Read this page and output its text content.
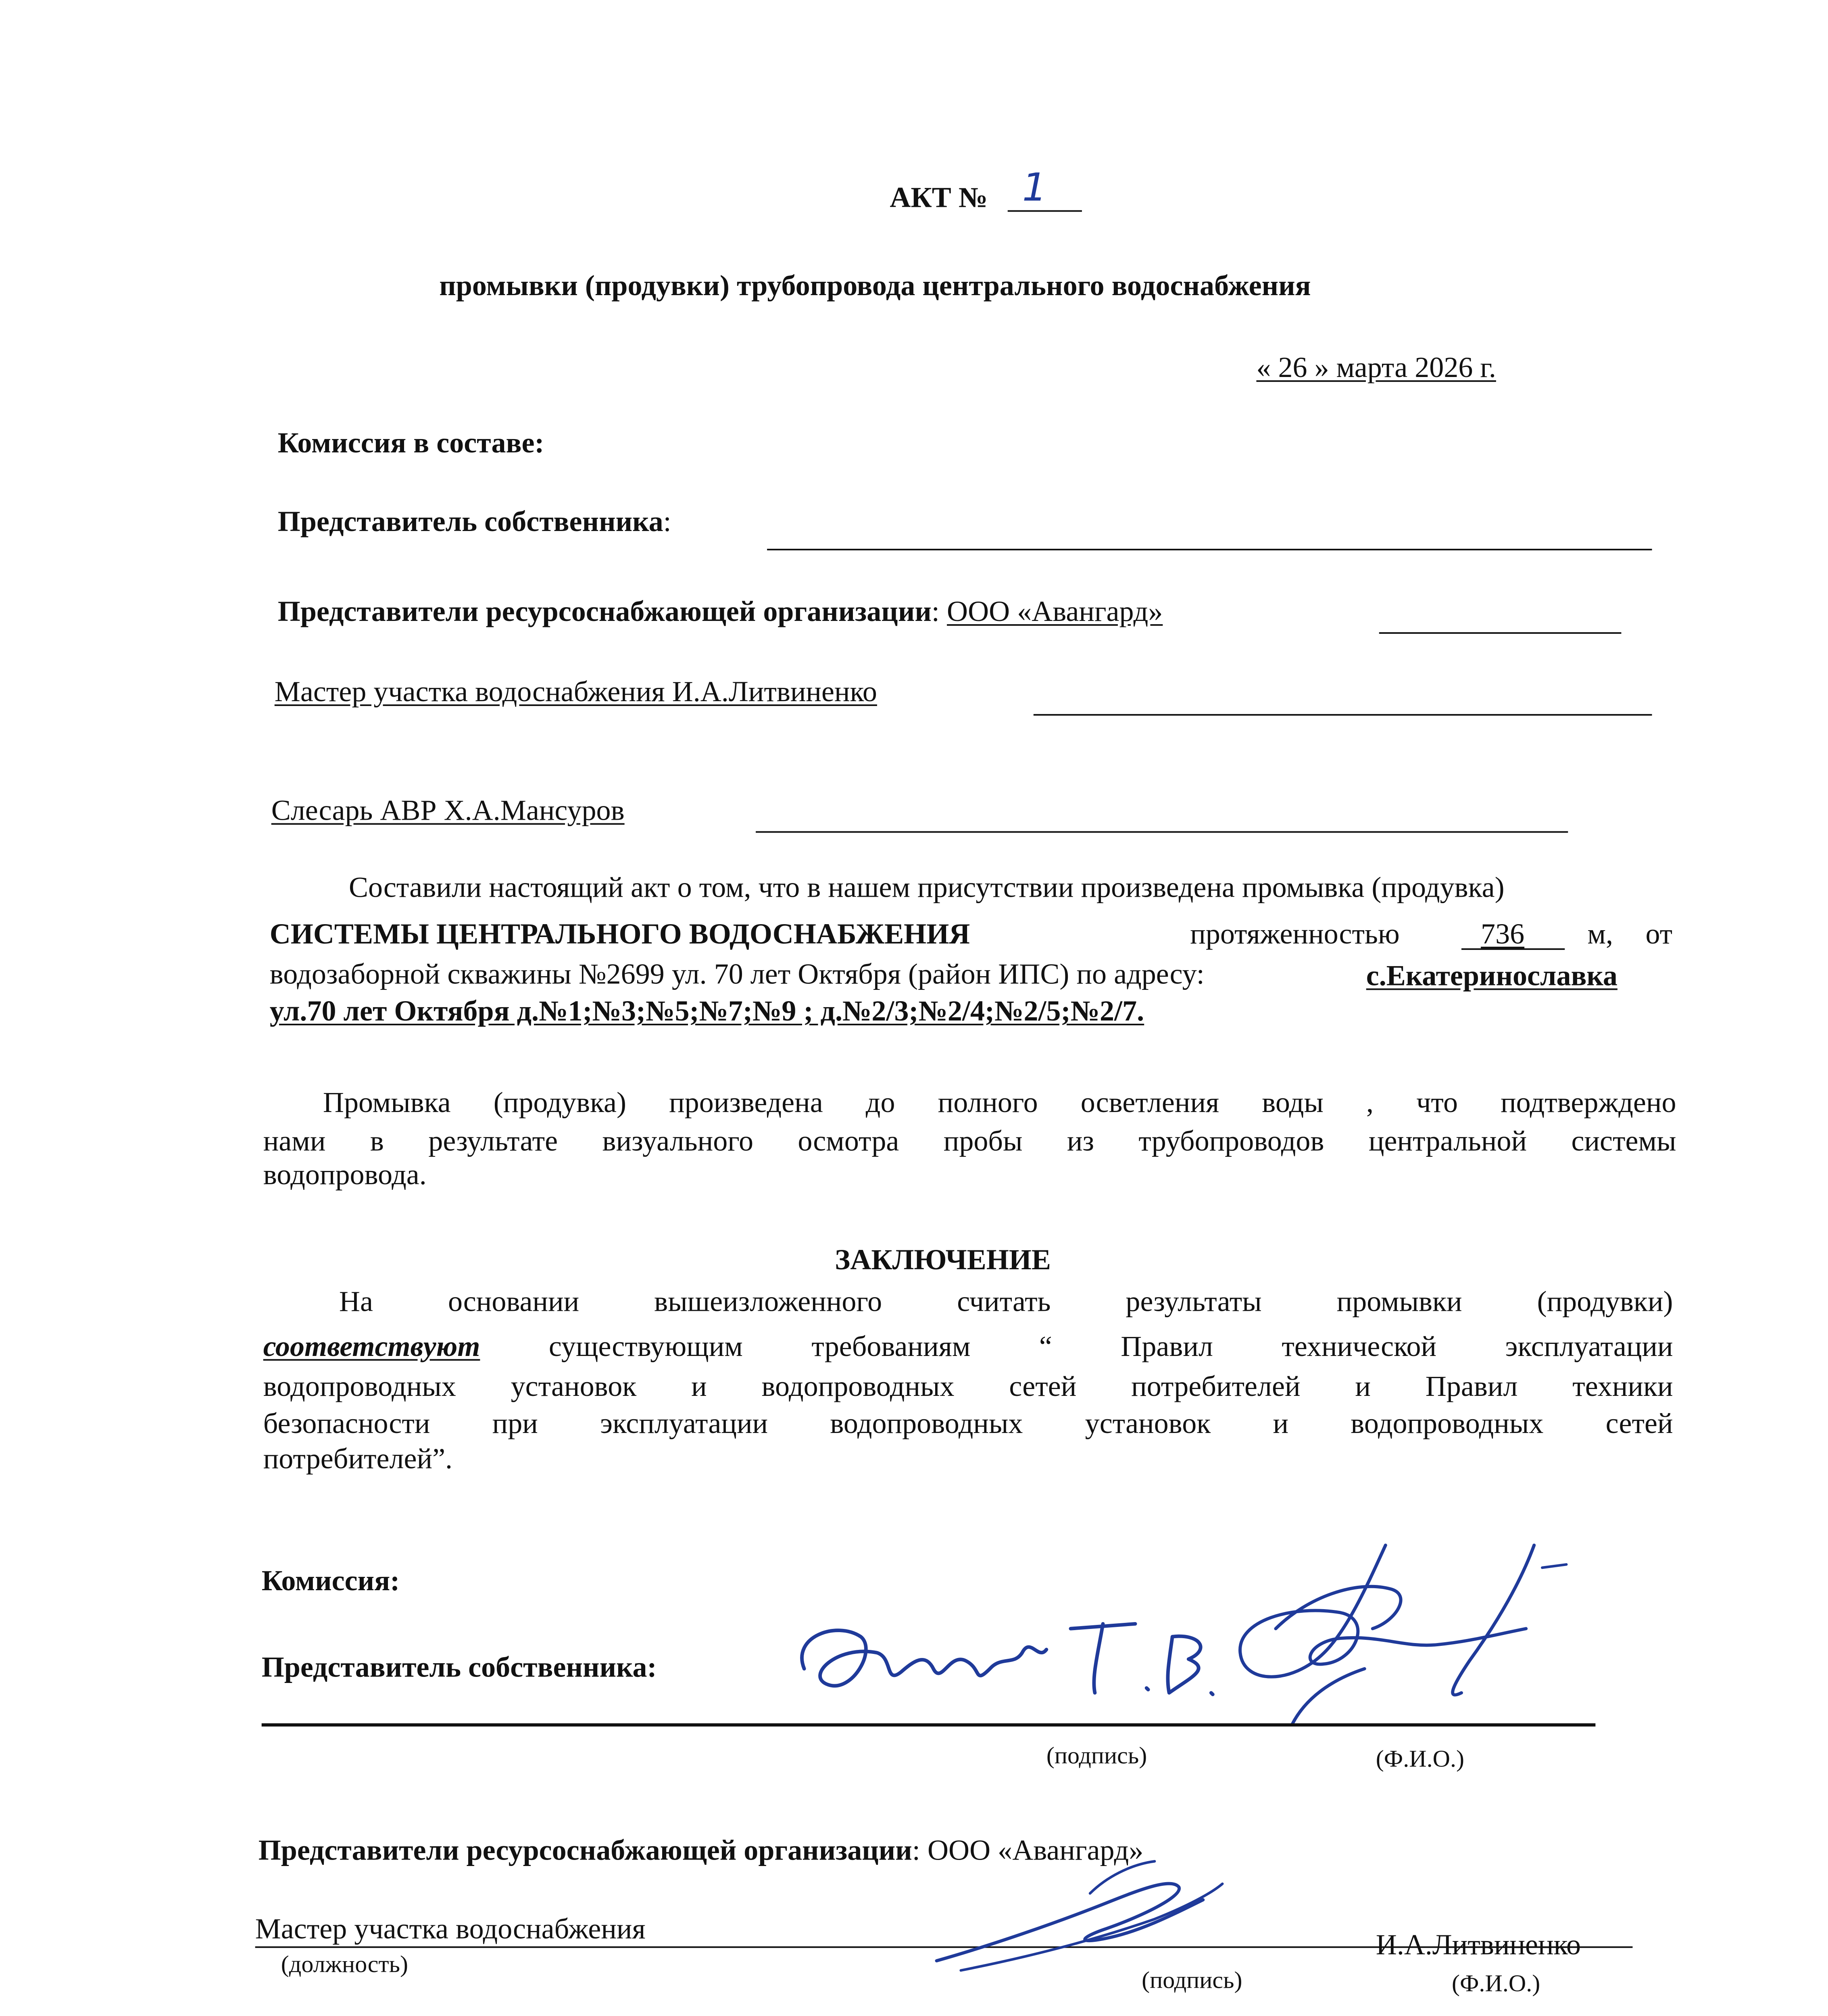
АКТ №	1
промывки (продувки) трубопровода центрального водоснабжения
« 26 » марта 2026 г.
Комиссия в составе:
Представитель собственника:
Представители ресурсоснабжающей организации: ООО «Авангард»
Мастер участка водоснабжения И.А.Литвиненко
Слесарь АВР Х.А.Мансуров
Составили настоящий акт о том, что в нашем присутствии произведена промывка (продувка)
СИСТЕМЫ ЦЕНТРАЛЬНОГО ВОДОСНАБЖЕНИЯ	протяженностью	736	м,	от
водозаборной скважины №2699 ул. 70 лет Октября (район ИПС) по адресу:	с.Екатеринославка
ул.70 лет Октября д.№1;№3;№5;№7;№9 ; д.№2/3;№2/4;№2/5;№2/7.
Промывка (продувка) произведена до полного осветления воды , что подтверждено
нами в результате визуального осмотра пробы из трубопроводов центральной системы
водопровода.
ЗАКЛЮЧЕНИЕ
На основании вышеизложенного считать результаты промывки (продувки)
соответствуют	существующим требованиям “ Правил технической эксплуатации
водопроводных установок и водопроводных сетей потребителей и Правил техники
безопасности при эксплуатации водопроводных установок и водопроводных сетей
потребителей”.
Комиссия:
Представитель собственника:
(подпись)	(Ф.И.О.)
Представители ресурсоснабжающей организации: ООО «Авангард»
Мастер участка водоснабжения	И.А.Литвиненко
(должность)
(подпись)	(Ф.И.О.)
